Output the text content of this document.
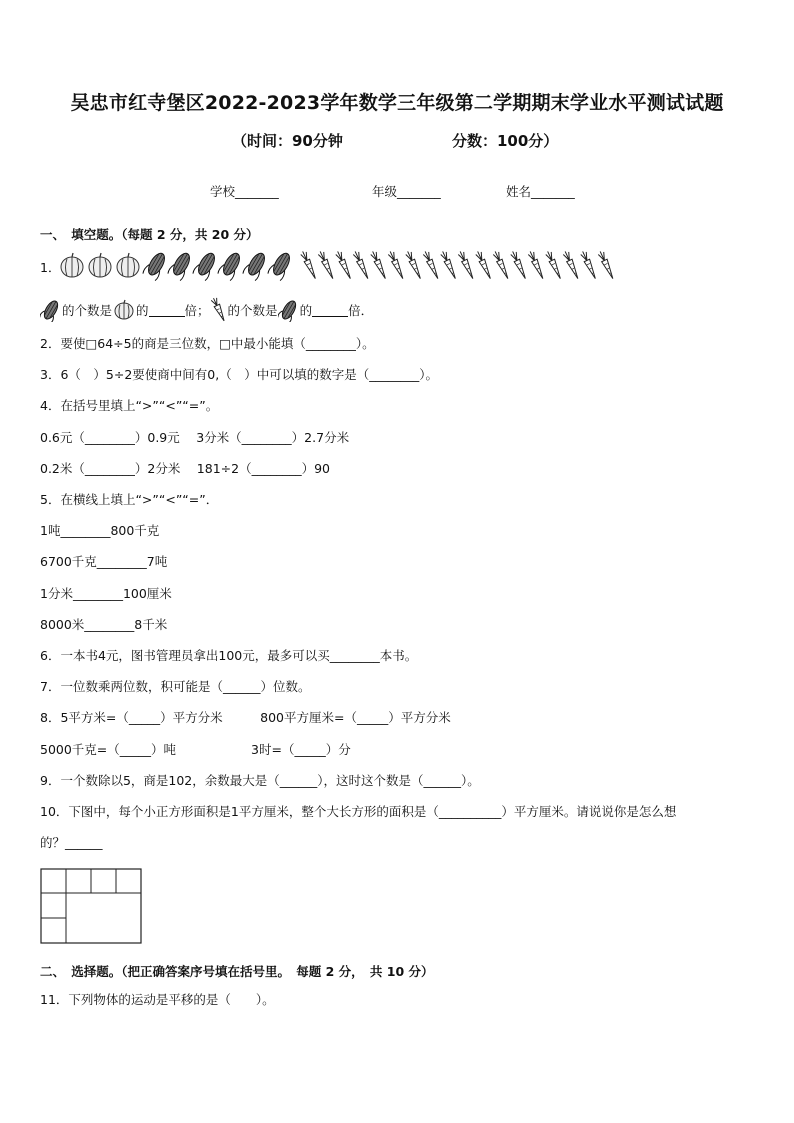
吴忠市红寺堡区2022-2023学年数学三年级第二学期期末学业水平测试试题
（时间：90分钟	分数：100分）
学校_______	年级_______	姓名_______
一、　填空题。（每题 2 分，共 20 分）
1．
的个数是 的	倍； 的个数是 的	倍．
2．要使□64÷5的商是三位数，□中最小能填（________）。
3．6（　）5÷2要使商中间有0,（　）中可以填的数字是（________）。
4．在括号里填上“>”“<”“=”。
0.6元（________）0.9元　 3分米（________）2.7分米
0.2米（________）2分米　 181÷2（________）90
5．在横线上填上“>”“<”“=”．
1吨________800千克
6700千克________7吨
1分米________100厘米
8000米________8千米
6．一本书4元，图书管理员拿出100元，最多可以买________本书。
7．一位数乘两位数，积可能是（______）位数。
8．5平方米=（_____）平方分米　　　800平方厘米=（_____）平方分米
5000千克=（_____）吨　　　　　　3时=（_____）分
9．一个数除以5，商是102，余数最大是（______），这时这个数是（______）。
10．下图中，每个小正方形面积是1平方厘米，整个大长方形的面积是（__________）平方厘米。请说说你是怎么想
的？______
二、　选择题。（把正确答案序号填在括号里。　每题 2 分，　共 10 分）
11．下列物体的运动是平移的是（　　）。
